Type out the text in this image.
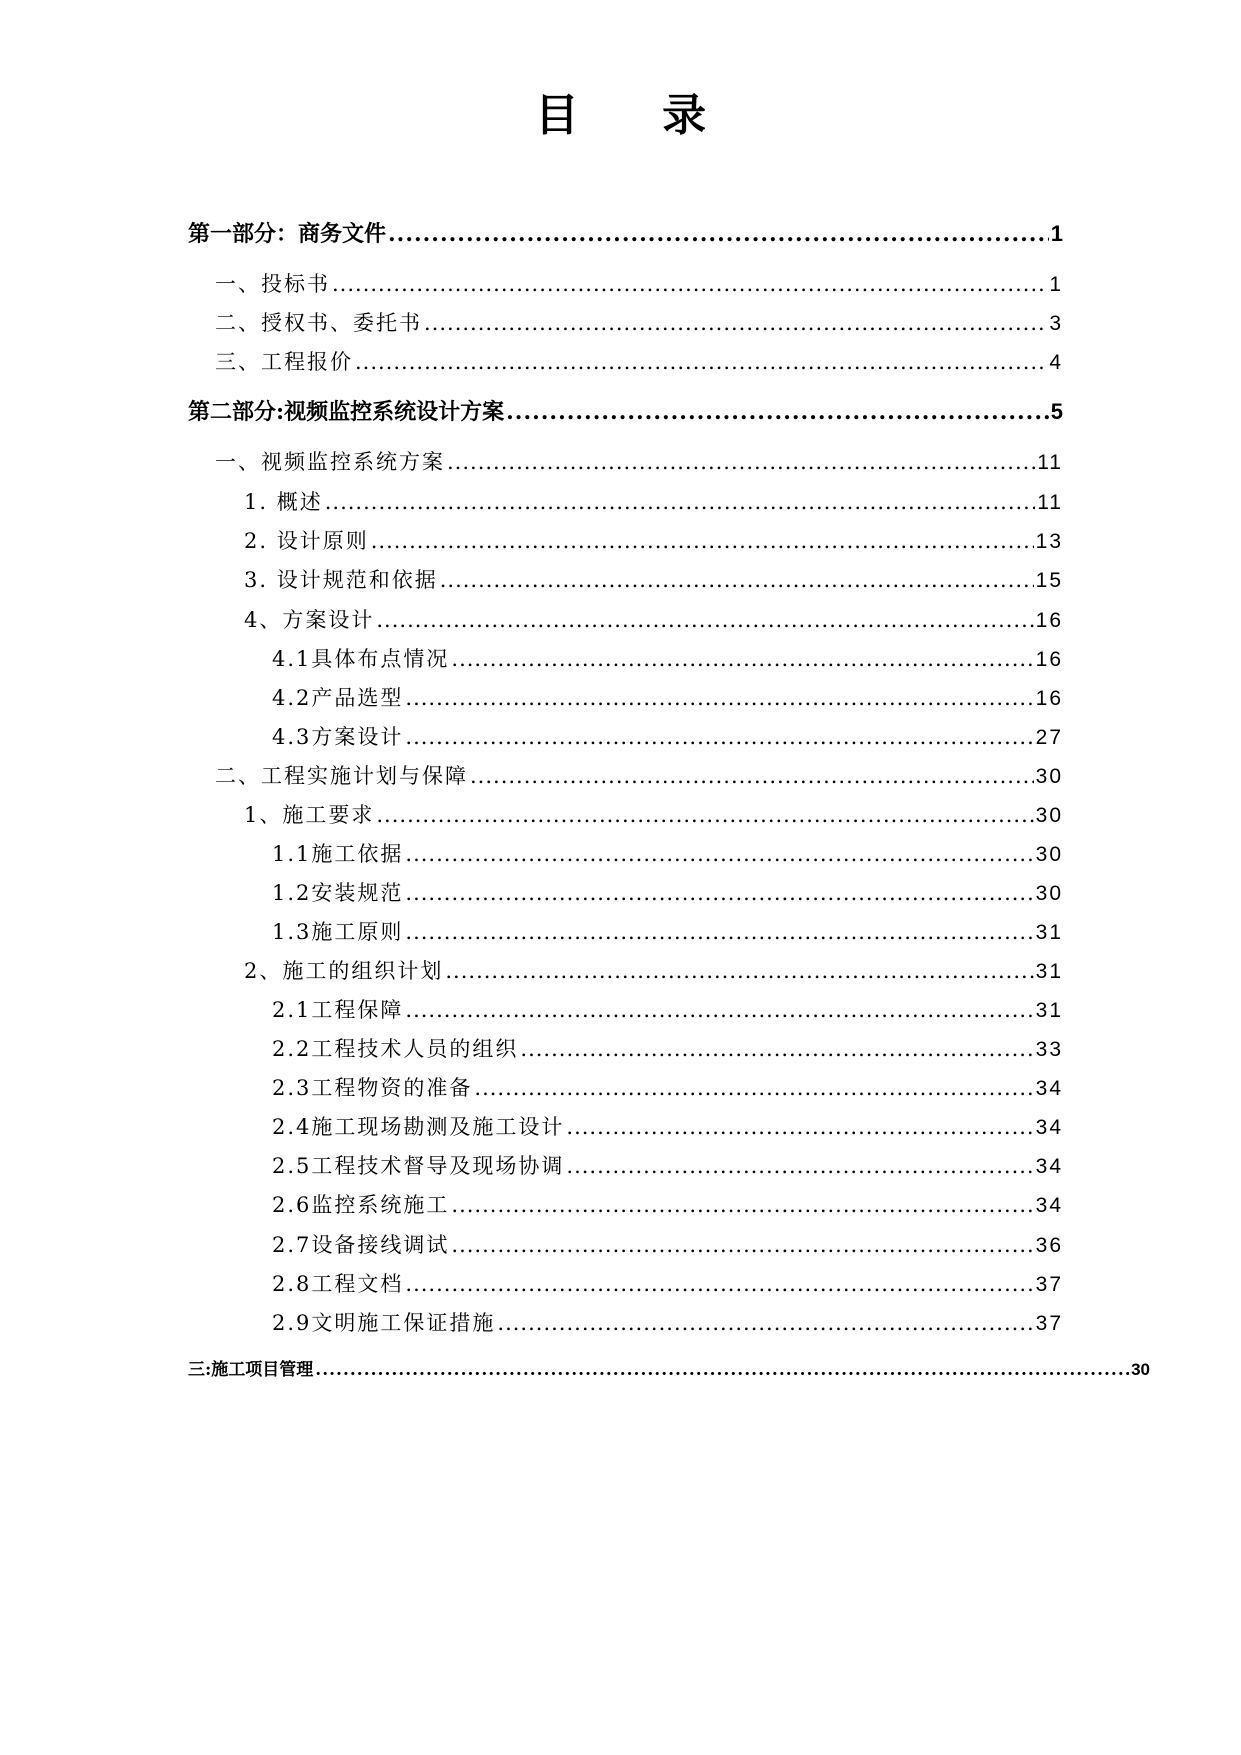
目 录
第一部分：商务文件 .....	1
一、投标书 .....	1
二、授权书、委托书 .....	3
三、工程报价 .....	4
第二部分:视频监控系统设计方案 .....	5
一、视频监控系统方案 .....	11
1. 概述 .....	11
2. 设计原则 .....	13
3. 设计规范和依据 .....	15
4、方案设计 .....	16
4.1具体布点情况 .....	16
4.2产品选型 .....	16
4.3方案设计 .....	27
二、工程实施计划与保障 .....	30
1、施工要求 .....	30
1.1施工依据 .....	30
1.2安装规范 .....	30
1.3施工原则 .....	31
2、施工的组织计划 .....	31
2.1工程保障 .....	31
2.2工程技术人员的组织 .....	33
2.3工程物资的准备 .....	34
2.4施工现场勘测及施工设计 .....	34
2.5工程技术督导及现场协调 .....	34
2.6监控系统施工 .....	34
2.7设备接线调试 .....	36
2.8工程文档 .....	37
2.9文明施工保证措施 .....	37
三:施工项目管理 .....	30
